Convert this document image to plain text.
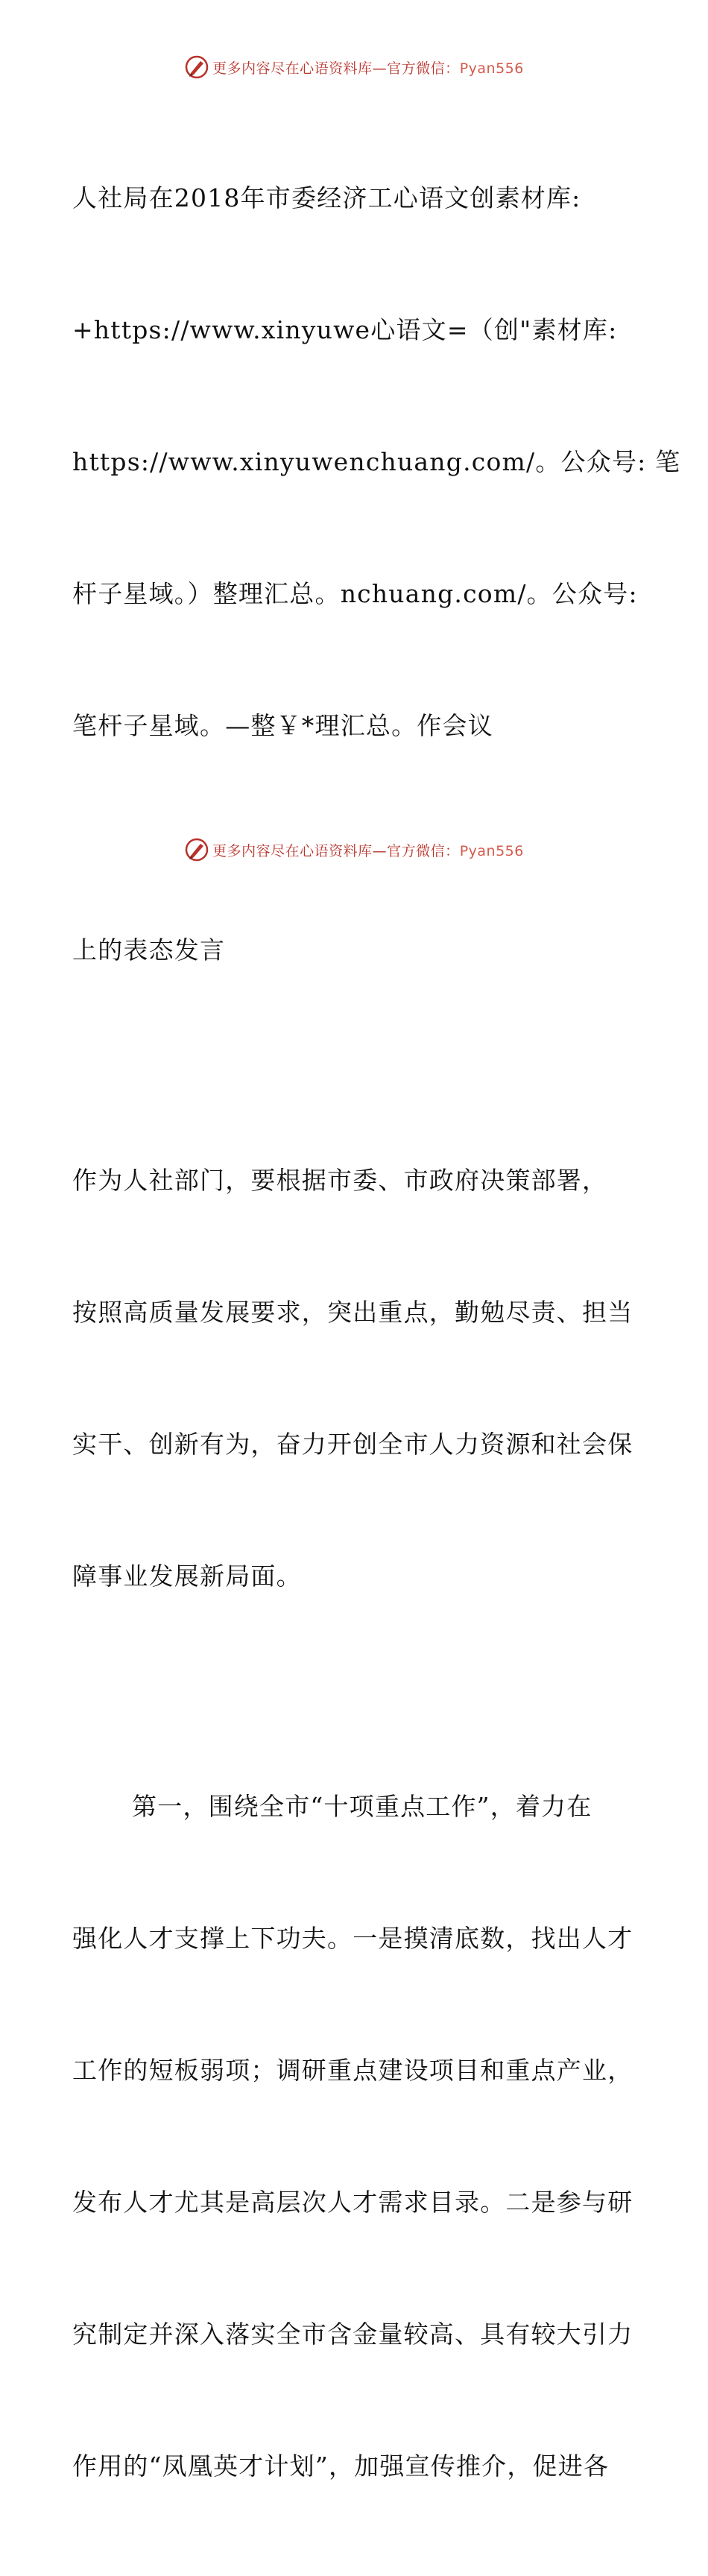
更多内容尽在心语资料库—官方微信：Pyan556

人社局在2018年市委经济工心语文创素材库:

+https://www.xinyuwe心语文=（创"素材库:

https://www.xinyuwenchuang.com/。公众号: 笔

杆子星域。）整理汇总。nchuang.com/。公众号:

笔杆子星域。—整￥*理汇总。作会议

上的表态发言

作为人社部门，要根据市委、市政府决策部署，

按照高质量发展要求，突出重点，勤勉尽责、担当

实干、创新有为，奋力开创全市人力资源和社会保

障事业发展新局面。

第一，围绕全市“十项重点工作”，着力在

强化人才支撑上下功夫。一是摸清底数，找出人才

工作的短板弱项；调研重点建设项目和重点产业，

发布人才尤其是高层次人才需求目录。二是参与研

究制定并深入落实全市含金量较高、具有较大引力

作用的“凤凰英才计划”，加强宣传推介，促进各

更多内容尽在心语资料库—官方微信：Pyan556
